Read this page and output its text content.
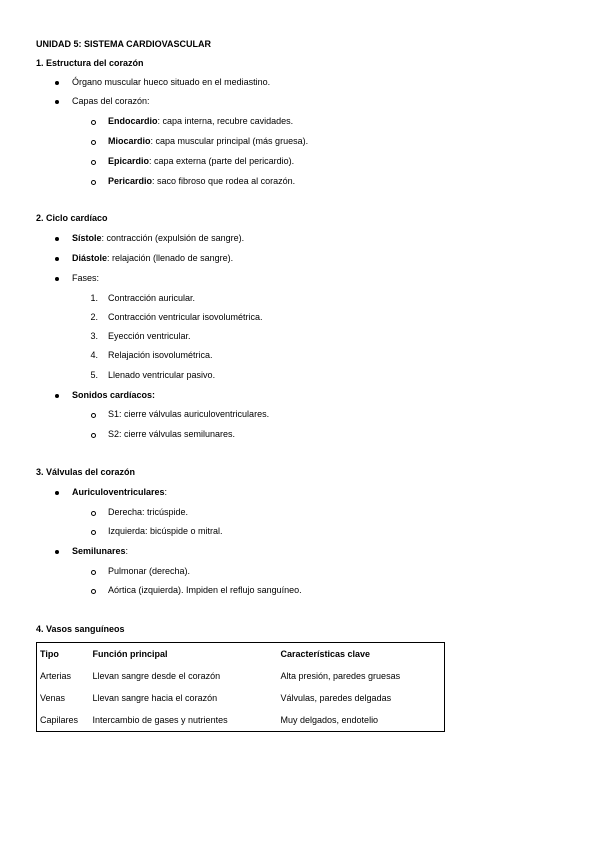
UNIDAD 5: SISTEMA CARDIOVASCULAR
1. Estructura del corazón
Órgano muscular hueco situado en el mediastino.
Capas del corazón:
Endocardio: capa interna, recubre cavidades.
Miocardio: capa muscular principal (más gruesa).
Epicardio: capa externa (parte del pericardio).
Pericardio: saco fibroso que rodea al corazón.
2. Ciclo cardíaco
Sístole: contracción (expulsión de sangre).
Diástole: relajación (llenado de sangre).
Fases:
1. Contracción auricular.
2. Contracción ventricular isovolumétrica.
3. Eyección ventricular.
4. Relajación isovolumétrica.
5. Llenado ventricular pasivo.
Sonidos cardíacos:
S1: cierre válvulas auriculoventriculares.
S2: cierre válvulas semilunares.
3. Válvulas del corazón
Auriculoventriculares:
Derecha: tricúspide.
Izquierda: bicúspide o mitral.
Semilunares:
Pulmonar (derecha).
Aórtica (izquierda). Impiden el reflujo sanguíneo.
4. Vasos sanguíneos
Tipo	Función principal	Características clave
Arterias	Llevan sangre desde el corazón	Alta presión, paredes gruesas
Venas	Llevan sangre hacia el corazón	Válvulas, paredes delgadas
Capilares	Intercambio de gases y nutrientes	Muy delgados, endotelio
